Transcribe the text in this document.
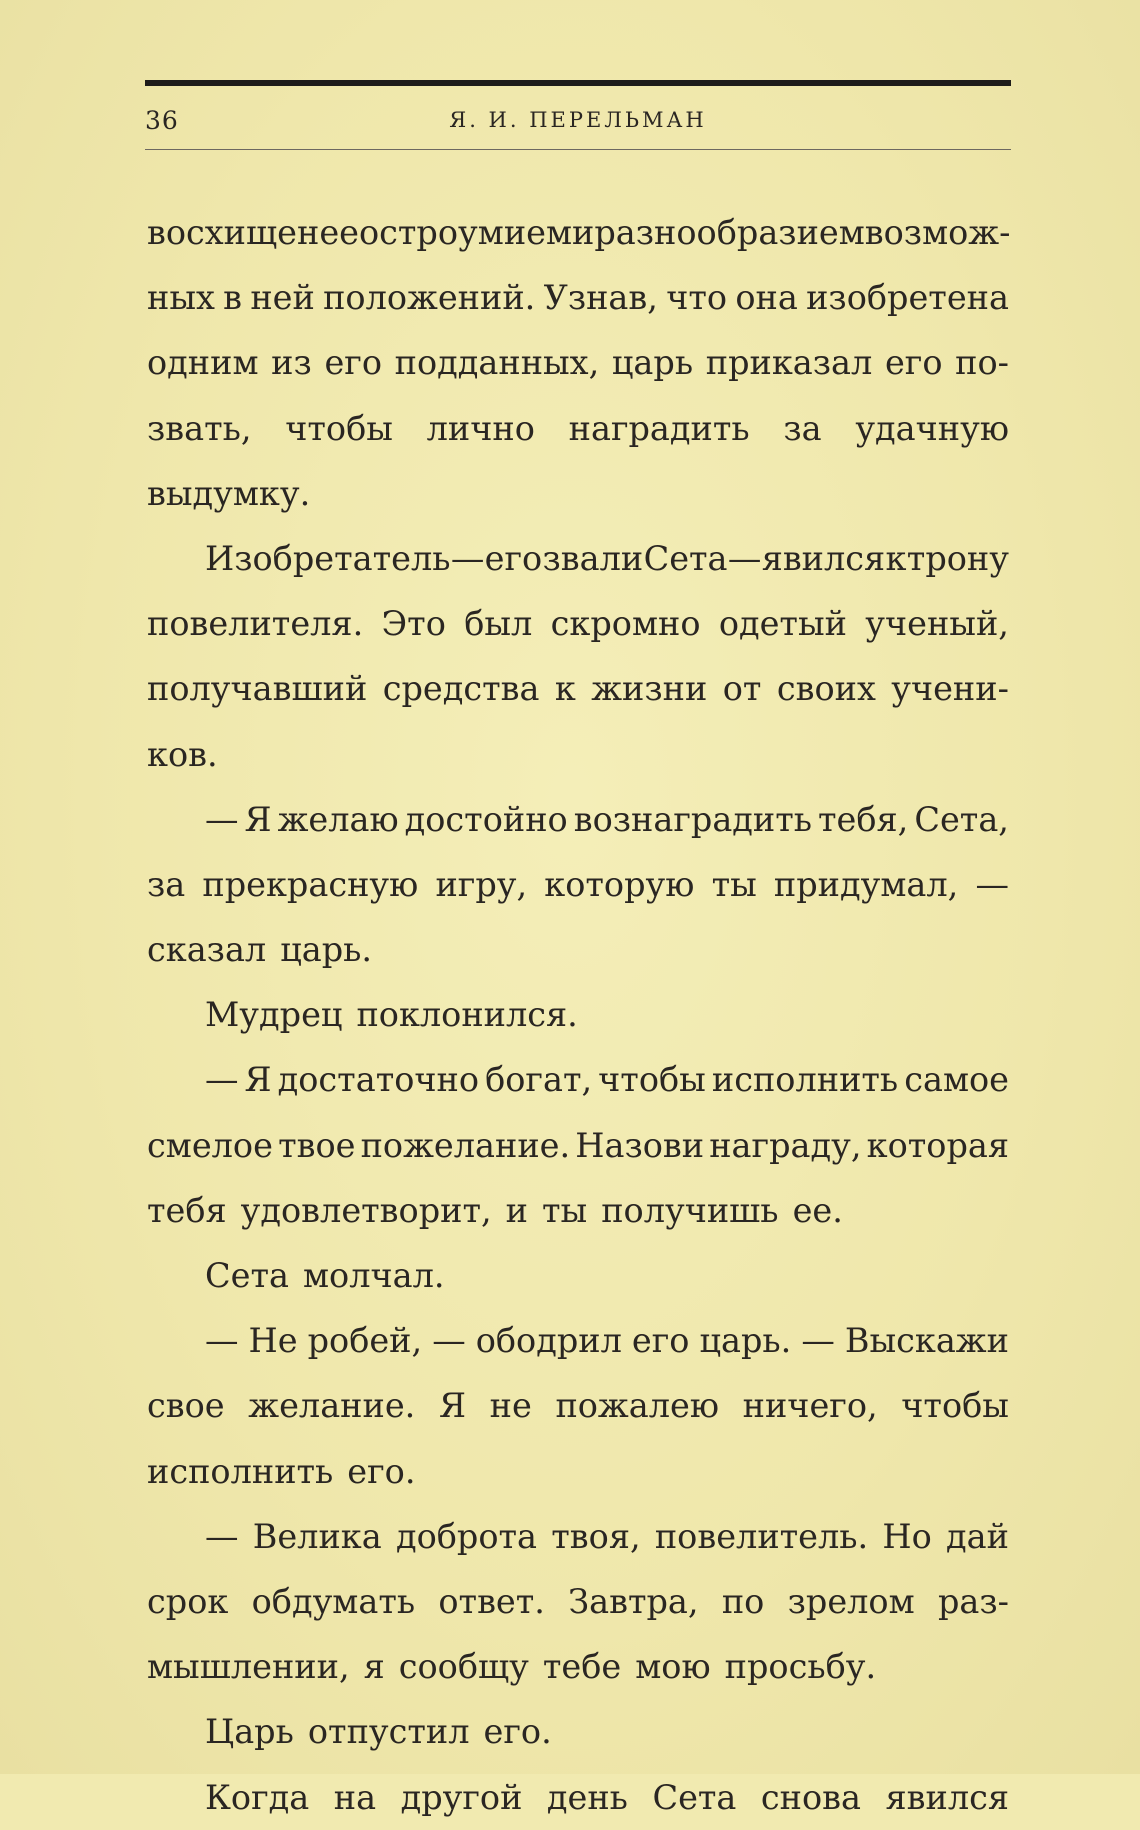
36	Я. И. ПЕРЕЛЬМАН
восхищен ее остроумием и разнообразием возмож-
ных в ней положений. Узнав, что она изобретена
одним из его подданных, царь приказал его по-
звать, чтобы лично наградить за удачную
выдумку.
Изобретатель — его звали Сета — явился к трону
повелителя. Это был скромно одетый ученый,
получавший средства к жизни от своих учени-
ков.
— Я желаю достойно вознаградить тебя, Сета,
за прекрасную игру, которую ты придумал, —
сказал царь.
Мудрец поклонился.
— Я достаточно богат, чтобы исполнить самое
смелое твое пожелание. Назови награду, которая
тебя удовлетворит, и ты получишь ее.
Сета молчал.
— Не робей, — ободрил его царь. — Выскажи
свое желание. Я не пожалею ничего, чтобы
исполнить его.
— Велика доброта твоя, повелитель. Но дай
срок обдумать ответ. Завтра, по зрелом раз-
мышлении, я сообщу тебе мою просьбу.
Царь отпустил его.
Когда на другой день Сета снова явился
